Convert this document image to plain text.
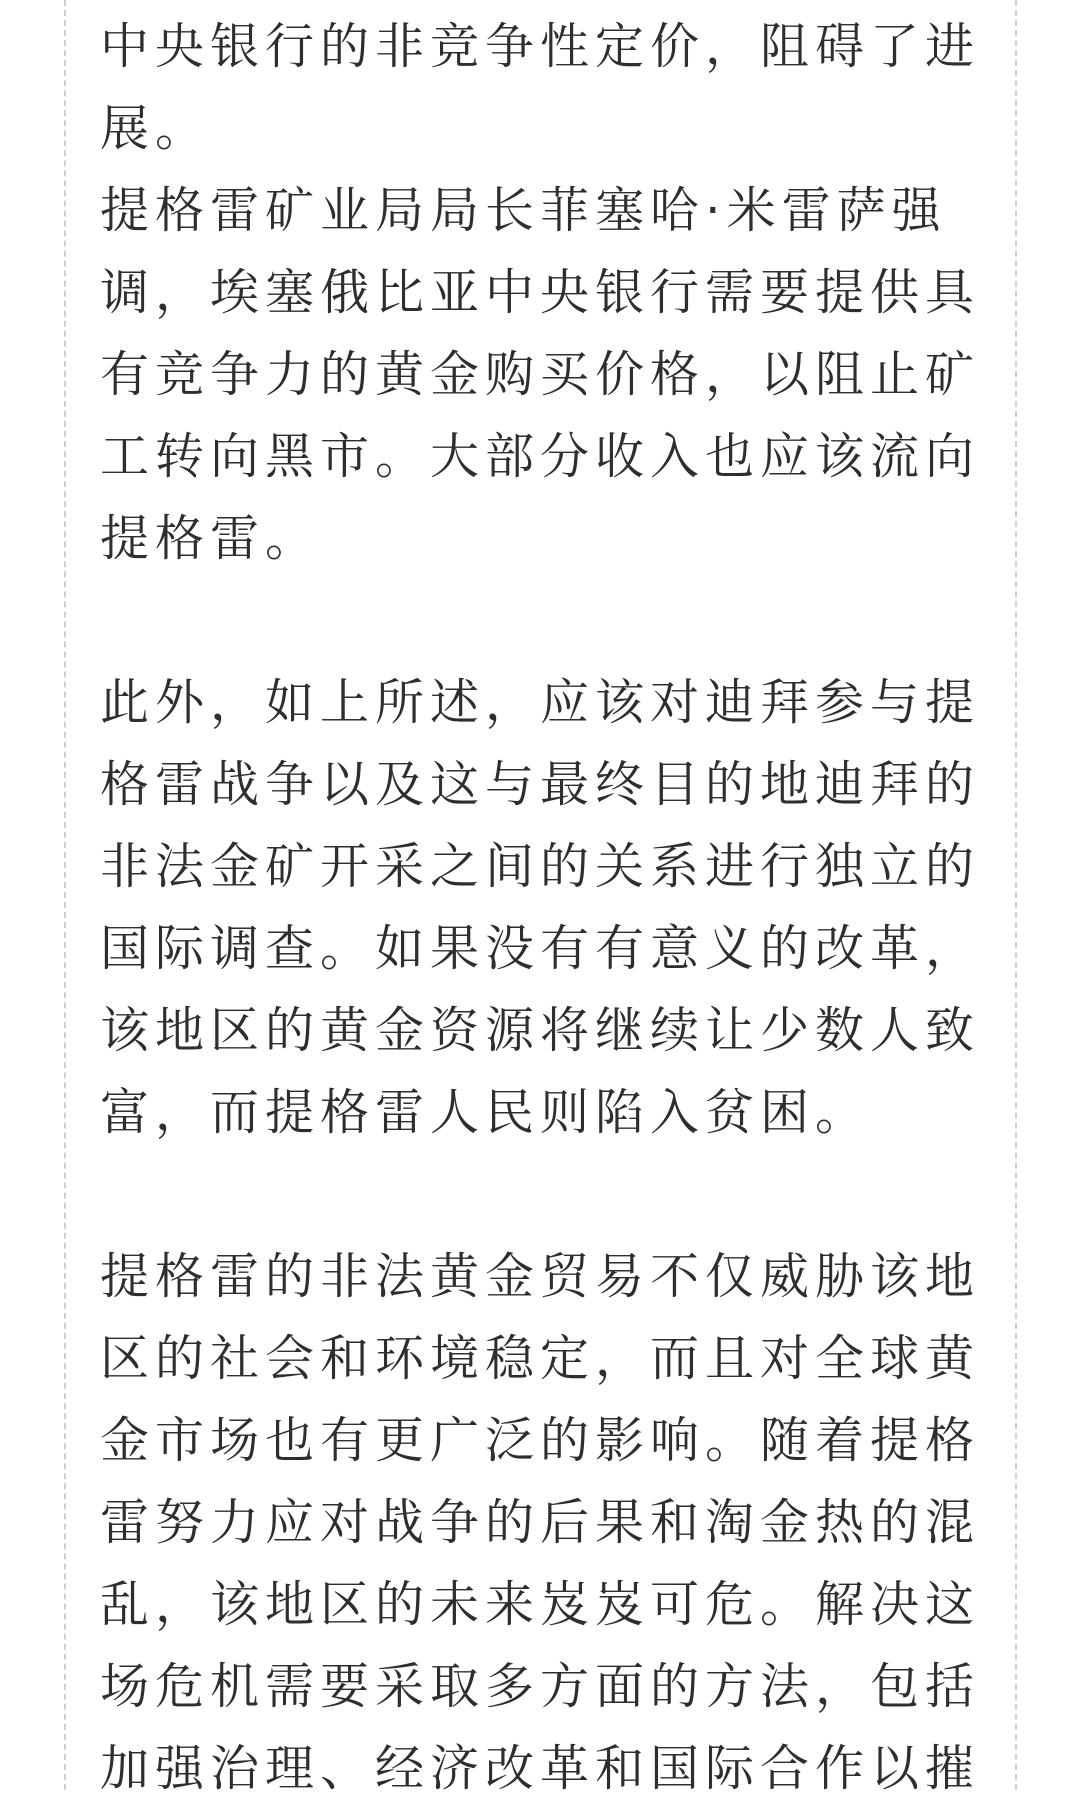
中央银行的非竞争性定价，阻碍了进
展。
提格雷矿业局局长菲塞哈·米雷萨强
调，埃塞俄比亚中央银行需要提供具
有竞争力的黄金购买价格，以阻止矿
工转向黑市。大部分收入也应该流向
提格雷。
此外，如上所述，应该对迪拜参与提
格雷战争以及这与最终目的地迪拜的
非法金矿开采之间的关系进行独立的
国际调查。如果没有有意义的改革，
该地区的黄金资源将继续让少数人致
富，而提格雷人民则陷入贫困。
提格雷的非法黄金贸易不仅威胁该地
区的社会和环境稳定，而且对全球黄
金市场也有更广泛的影响。随着提格
雷努力应对战争的后果和淘金热的混
乱，该地区的未来岌岌可危。解决这
场危机需要采取多方面的方法，包括
加强治理、经济改革和国际合作以摧
